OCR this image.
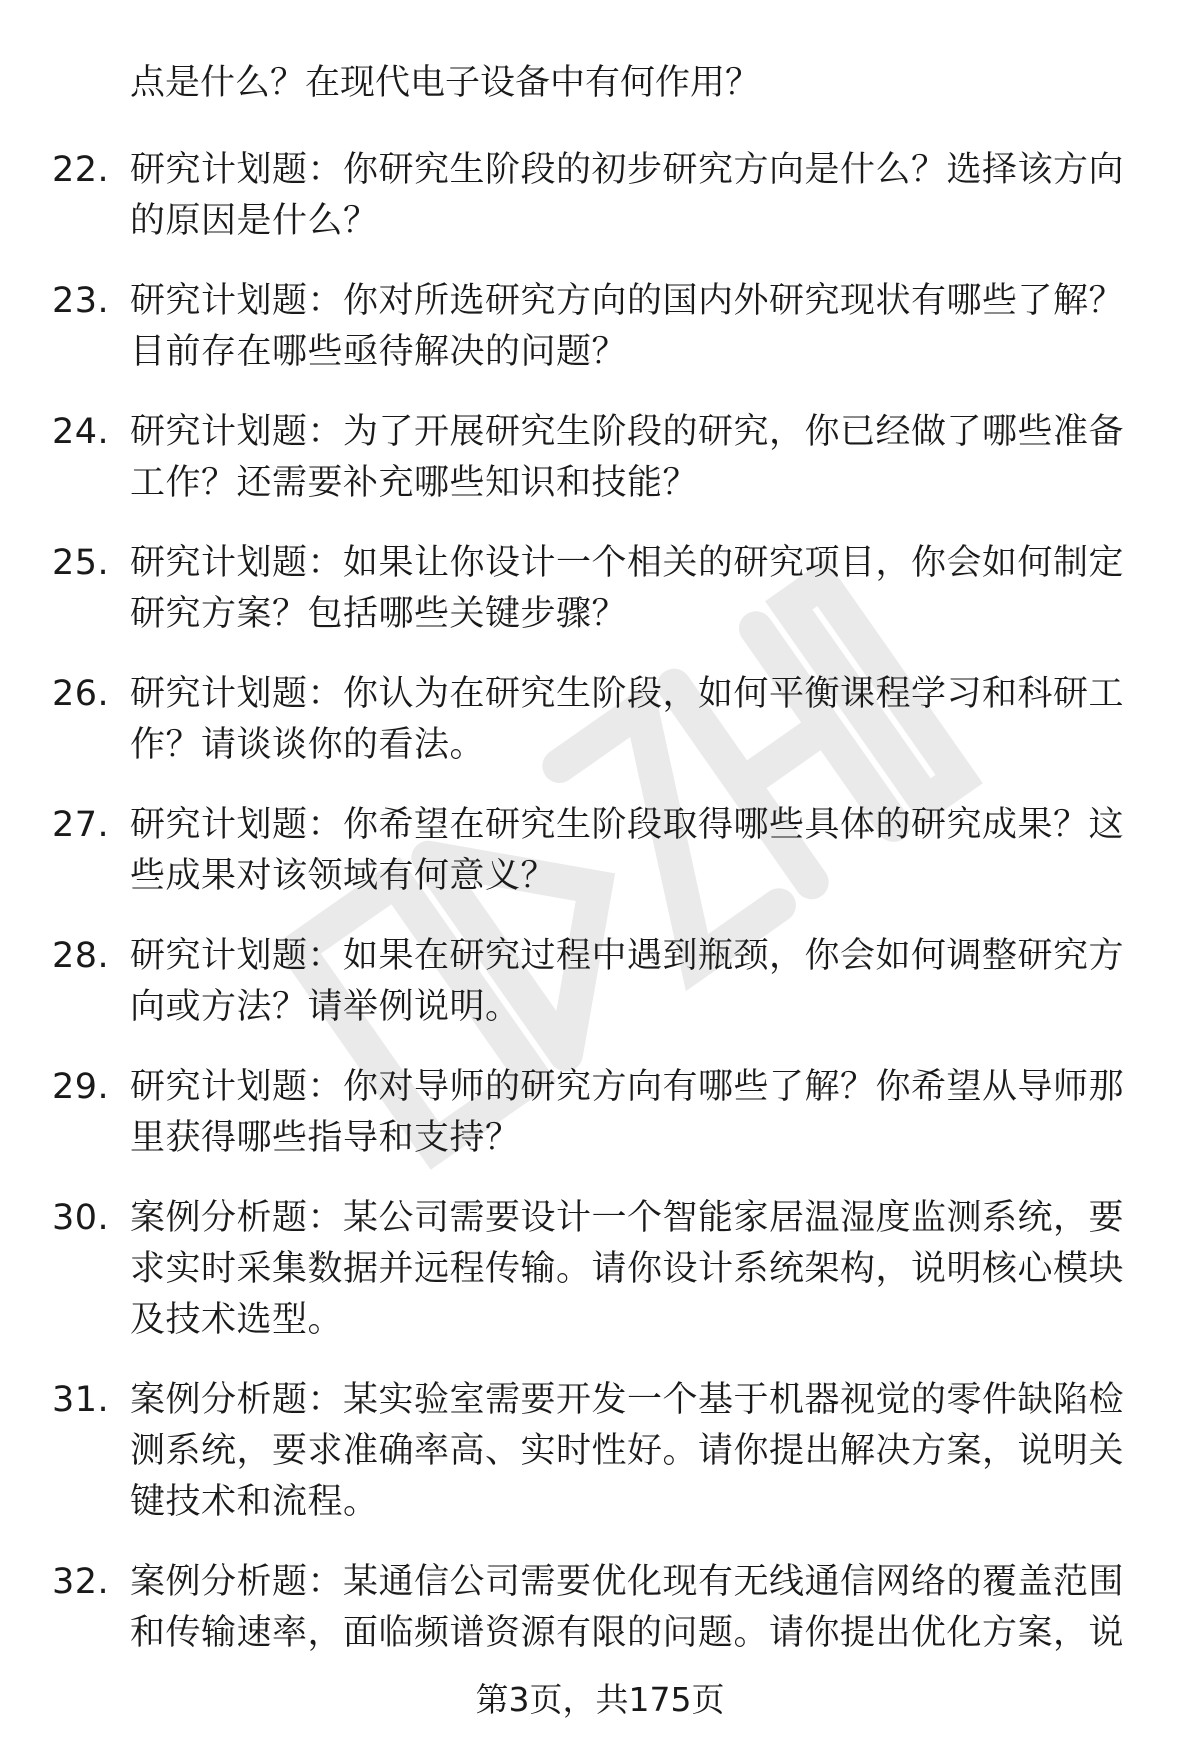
点是什么？在现代电子设备中有何作用？

22. 研究计划题：你研究生阶段的初步研究方向是什么？选择该方向的原因是什么？
23. 研究计划题：你对所选研究方向的国内外研究现状有哪些了解？目前存在哪些亟待解决的问题？
24. 研究计划题：为了开展研究生阶段的研究，你已经做了哪些准备工作？还需要补充哪些知识和技能？
25. 研究计划题：如果让你设计一个相关的研究项目，你会如何制定研究方案？包括哪些关键步骤？
26. 研究计划题：你认为在研究生阶段，如何平衡课程学习和科研工作？请谈谈你的看法。
27. 研究计划题：你希望在研究生阶段取得哪些具体的研究成果？这些成果对该领域有何意义？
28. 研究计划题：如果在研究过程中遇到瓶颈，你会如何调整研究方向或方法？请举例说明。
29. 研究计划题：你对导师的研究方向有哪些了解？你希望从导师那里获得哪些指导和支持？
30. 案例分析题：某公司需要设计一个智能家居温湿度监测系统，要求实时采集数据并远程传输。请你设计系统架构，说明核心模块及技术选型。
31. 案例分析题：某实验室需要开发一个基于机器视觉的零件缺陷检测系统，要求准确率高、实时性好。请你提出解决方案，说明关键技术和流程。
32. 案例分析题：某通信公司需要优化现有无线通信网络的覆盖范围和传输速率，面临频谱资源有限的问题。请你提出优化方案，说
第3页，共175页
